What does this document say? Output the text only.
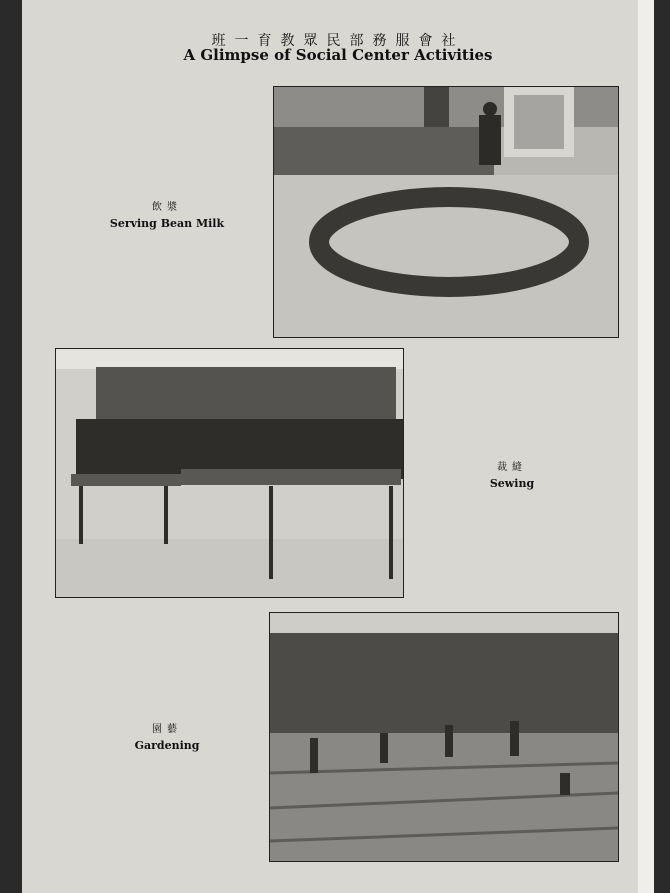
班一育教眾民部務服會社
A Glimpse of Social Center Activities
飲漿
Serving Bean Milk
裁縫
Sewing
園藝
Gardening
